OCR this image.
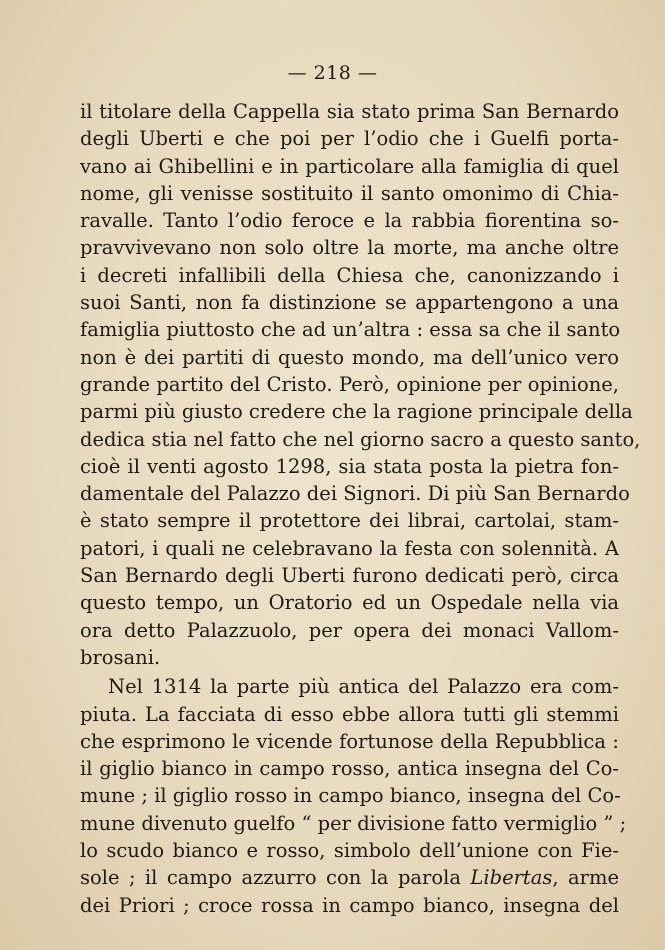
— 218 —
il titolare della Cappella sia stato prima San Bernardo
degli Uberti e che poi per l’odio che i Guelfi porta-
vano ai Ghibellini e in particolare alla famiglia di quel
nome, gli venisse sostituito il santo omonimo di Chia-
ravalle. Tanto l’odio feroce e la rabbia fiorentina so-
pravvivevano non solo oltre la morte, ma anche oltre
i decreti infallibili della Chiesa che, canonizzando i
suoi Santi, non fa distinzione se appartengono a una
famiglia piuttosto che ad un’altra : essa sa che il santo
non è dei partiti di questo mondo, ma dell’unico vero
grande partito del Cristo. Però, opinione per opinione,
parmi più giusto credere che la ragione principale della
dedica stia nel fatto che nel giorno sacro a questo santo,
cioè il venti agosto 1298, sia stata posta la pietra fon-
damentale del Palazzo dei Signori. Di più San Bernardo
è stato sempre il protettore dei librai, cartolai, stam-
patori, i quali ne celebravano la festa con solennità. A
San Bernardo degli Uberti furono dedicati però, circa
questo tempo, un Oratorio ed un Ospedale nella via
ora detto Palazzuolo, per opera dei monaci Vallom-
brosani.
Nel 1314 la parte più antica del Palazzo era com-
piuta. La facciata di esso ebbe allora tutti gli stemmi
che esprimono le vicende fortunose della Repubblica :
il giglio bianco in campo rosso, antica insegna del Co-
mune ; il giglio rosso in campo bianco, insegna del Co-
mune divenuto guelfo “ per divisione fatto vermiglio ” ;
lo scudo bianco e rosso, simbolo dell’unione con Fie-
sole ; il campo azzurro con la parola Libertas, arme
dei Priori ; croce rossa in campo bianco, insegna del
